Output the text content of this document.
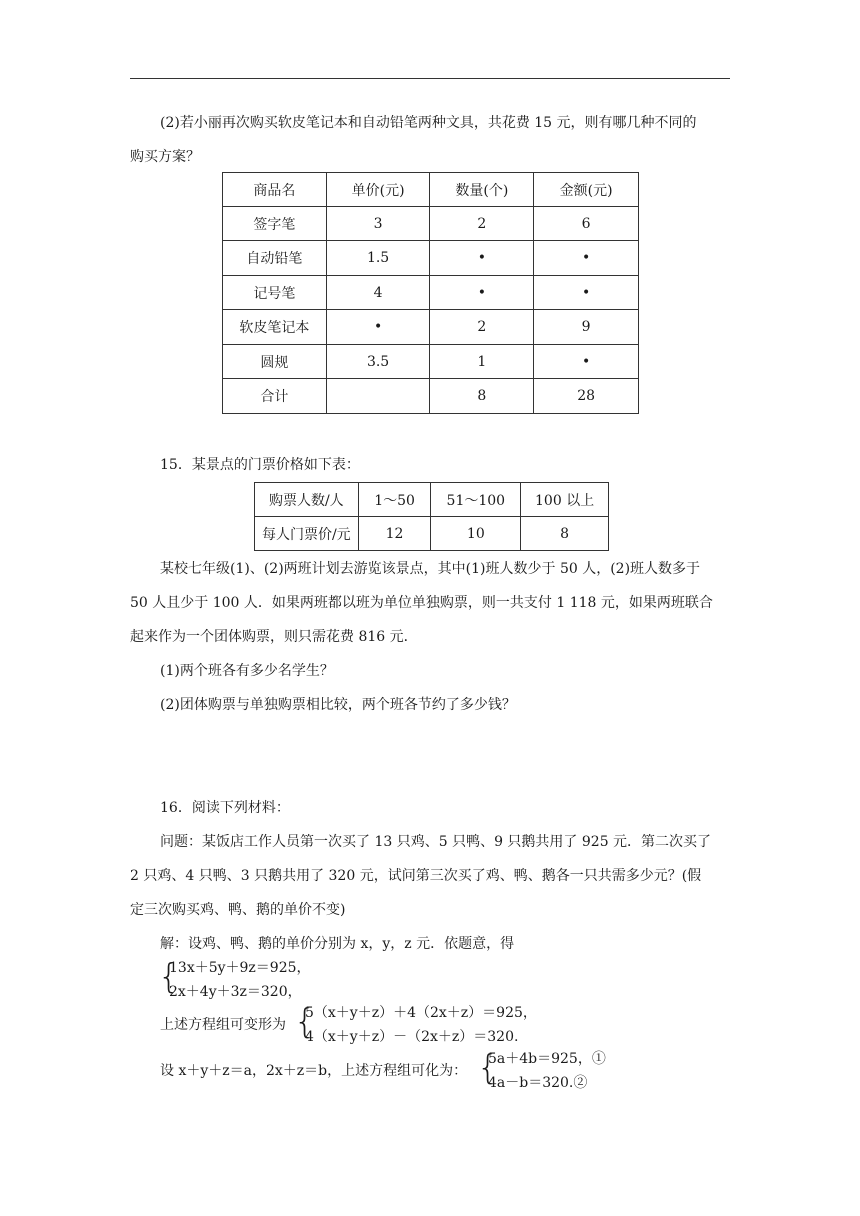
(2)若小丽再次购买软皮笔记本和自动铅笔两种文具，共花费 15 元，则有哪几种不同的
购买方案？
商品名	单价(元)	数量(个)	金额(元)
签字笔	3	2	6
自动铅笔	1.5	•	•
记号笔	4	•	•
软皮笔记本	•	2	9
圆规	3.5	1	•
合计		8	28
15．某景点的门票价格如下表：
购票人数/人	1～50	51～100	100 以上
每人门票价/元	12	10	8
某校七年级(1)、(2)两班计划去游览该景点，其中(1)班人数少于 50 人，(2)班人数多于
50 人且少于 100 人．如果两班都以班为单位单独购票，则一共支付 1 118 元，如果两班联合
起来作为一个团体购票，则只需花费 816 元．
(1)两个班各有多少名学生？
(2)团体购票与单独购票相比较，两个班各节约了多少钱？
16．阅读下列材料：
问题：某饭店工作人员第一次买了 13 只鸡、5 只鸭、9 只鹅共用了 925 元．第二次买了
2 只鸡、4 只鸭、3 只鹅共用了 320 元，试问第三次买了鸡、鸭、鹅各一只共需多少元？(假
定三次购买鸡、鸭、鹅的单价不变)
解：设鸡、鸭、鹅的单价分别为 x，y，z 元．依题意，得
{
13x＋5y＋9z＝925，
2x＋4y＋3z＝320，
上述方程组可变形为 {
5（x＋y＋z）＋4（2x＋z）＝925，
4（x＋y＋z）－（2x＋z）＝320.
设 x＋y＋z＝a，2x＋z＝b，上述方程组可化为： {
5a＋4b＝925，①
4a－b＝320.②
